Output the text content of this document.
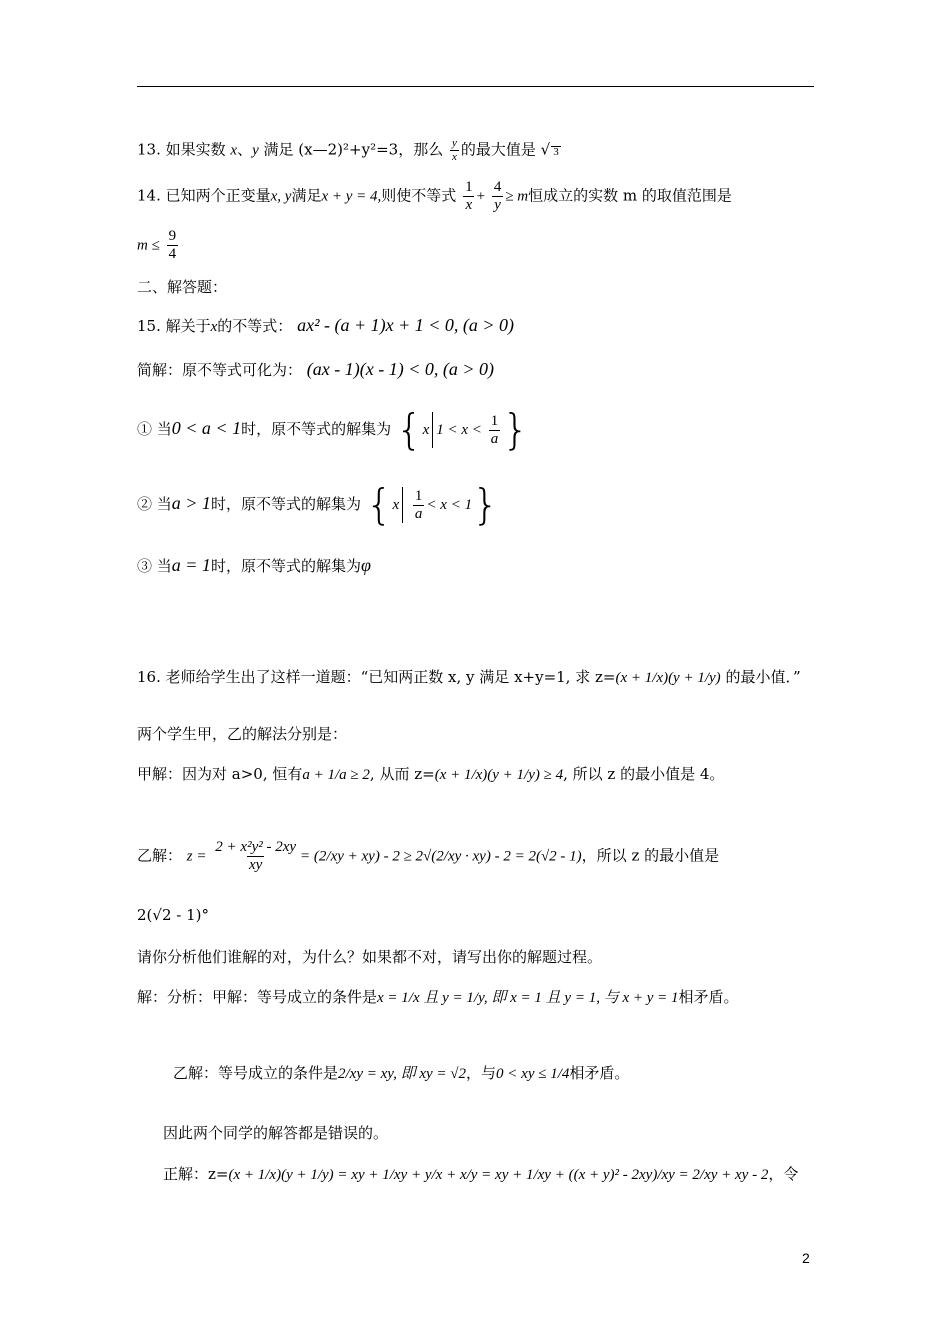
13. 如果实数 x、y 满足 (x—2)²+y²=3，那么 $\frac{y}{x}$ 的最大值是 √ 3
14. 已知两个正变量x, y满足x + y = 4,则使不等式 $\frac{1}{x} + \frac{4}{y} \ge m$恒成立的实数 m 的取值范围是
$m \le \frac{9}{4}$
二、解答题：
15. 解关于x的不等式： ax² - (a + 1)x + 1 < 0, (a > 0)
简解：原不等式可化为： (ax - 1)(x - 1) < 0, (a > 0)
① 当0 < a < 1时，原不等式的解集为 {x $1 < x < \frac{1}{a}$ }
② 当a > 1时，原不等式的解集为 $\{x \frac{1}{a} < x < 1\}$
③ 当a = 1时，原不等式的解集为φ
16. 老师给学生出了这样一道题：“已知两正数 x, y 满足 x+y=1, 求 z=(x + 1/x)(y + 1/y) 的最小值．”
两个学生甲，乙的解法分别是：
甲解：因为对 a>0, 恒有a + 1/a ≥ 2, 从而 z=(x + 1/x)(y + 1/y) ≥ 4, 所以 z 的最小值是 4。
乙解： $z = \frac{\text{2 + x²y² - 2xy}}{xy} = (2/xy + xy) - 2 \ge 2√(2/xy \cdot xy) - 2 = 2(√2 - 1)$，所以 z 的最小值是
2(√2 - 1)°
请你分析他们谁解的对，为什么？如果都不对，请写出你的解题过程。
解：分析：甲解：等号成立的条件是x = 1/x 且 y = 1/y, 即 x = 1 且 y = 1, 与 x + y = 1相矛盾。
乙解：等号成立的条件是2/xy = xy, 即 xy = √2，与0 < xy ≤ 1/4相矛盾。
因此两个同学的解答都是错误的。
正解：z=(x + 1/x)(y + 1/y) = xy + 1/xy + y/x + x/y = xy + 1/xy + ((x + y)² - 2xy)/xy = 2/xy + xy - 2，令
2
